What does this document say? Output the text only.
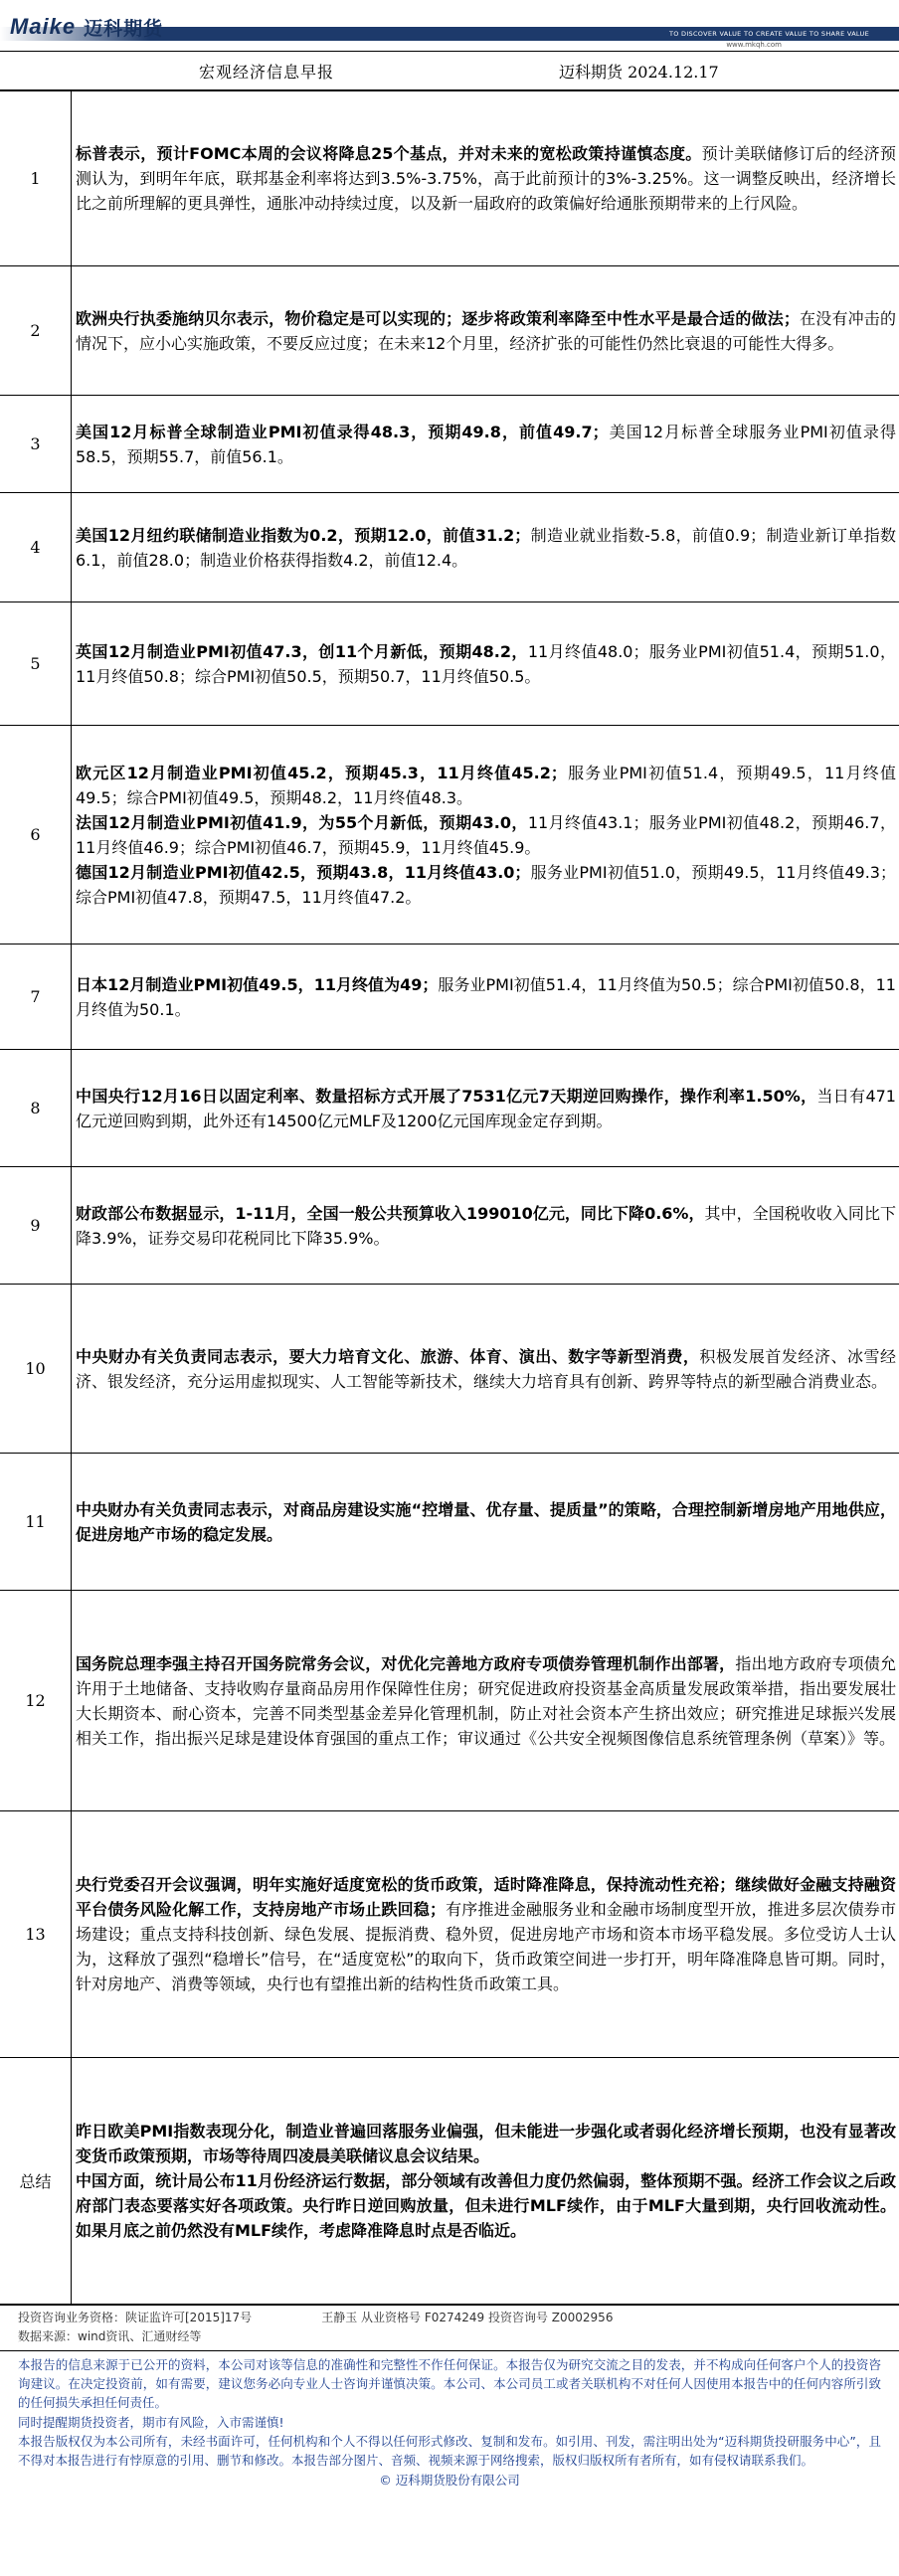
Maike 迈科期货	TO DISCOVER VALUE TO CREATE VALUE TO SHARE VALUE
www.mkqh.com
宏观经济信息早报	迈科期货 2024.12.17
1	标普表示，预计FOMC本周的会议将降息25个基点，并对未来的宽松政策持谨慎态度。预计美联储修订后的经济预测认为，到明年年底，联邦基金利率将达到3.5%-3.75%，高于此前预计的3%-3.25%。这一调整反映出，经济增长比之前所理解的更具弹性，通胀冲动持续过度，以及新一届政府的政策偏好给通胀预期带来的上行风险。
2	欧洲央行执委施纳贝尔表示，物价稳定是可以实现的；逐步将政策利率降至中性水平是最合适的做法；在没有冲击的情况下，应小心实施政策，不要反应过度；在未来12个月里，经济扩张的可能性仍然比衰退的可能性大得多。
3	美国12月标普全球制造业PMI初值录得48.3，预期49.8，前值49.7；美国12月标普全球服务业PMI初值录得58.5，预期55.7，前值56.1。
4	美国12月纽约联储制造业指数为0.2，预期12.0，前值31.2；制造业就业指数-5.8，前值0.9；制造业新订单指数6.1，前值28.0；制造业价格获得指数4.2，前值12.4。
5	英国12月制造业PMI初值47.3，创11个月新低，预期48.2，11月终值48.0；服务业PMI初值51.4，预期51.0，11月终值50.8；综合PMI初值50.5，预期50.7，11月终值50.5。
6	欧元区12月制造业PMI初值45.2，预期45.3，11月终值45.2；服务业PMI初值51.4，预期49.5，11月终值49.5；综合PMI初值49.5，预期48.2，11月终值48.3。
法国12月制造业PMI初值41.9，为55个月新低，预期43.0，11月终值43.1；服务业PMI初值48.2，预期46.7，11月终值46.9；综合PMI初值46.7，预期45.9，11月终值45.9。
德国12月制造业PMI初值42.5，预期43.8，11月终值43.0；服务业PMI初值51.0，预期49.5，11月终值49.3；综合PMI初值47.8，预期47.5，11月终值47.2。
7	日本12月制造业PMI初值49.5，11月终值为49；服务业PMI初值51.4，11月终值为50.5；综合PMI初值50.8，11月终值为50.1。
8	中国央行12月16日以固定利率、数量招标方式开展了7531亿元7天期逆回购操作，操作利率1.50%，当日有471亿元逆回购到期，此外还有14500亿元MLF及1200亿元国库现金定存到期。
9	财政部公布数据显示，1-11月，全国一般公共预算收入199010亿元，同比下降0.6%，其中，全国税收收入同比下降3.9%，证券交易印花税同比下降35.9%。
10	中央财办有关负责同志表示，要大力培育文化、旅游、体育、演出、数字等新型消费，积极发展首发经济、冰雪经济、银发经济，充分运用虚拟现实、人工智能等新技术，继续大力培育具有创新、跨界等特点的新型融合消费业态。
11	中央财办有关负责同志表示，对商品房建设实施“控增量、优存量、提质量”的策略，合理控制新增房地产用地供应，促进房地产市场的稳定发展。
12	国务院总理李强主持召开国务院常务会议，对优化完善地方政府专项债券管理机制作出部署，指出地方政府专项债允许用于土地储备、支持收购存量商品房用作保障性住房；研究促进政府投资基金高质量发展政策举措，指出要发展壮大长期资本、耐心资本，完善不同类型基金差异化管理机制，防止对社会资本产生挤出效应；研究推进足球振兴发展相关工作，指出振兴足球是建设体育强国的重点工作；审议通过《公共安全视频图像信息系统管理条例（草案）》等。
13	央行党委召开会议强调，明年实施好适度宽松的货币政策，适时降准降息，保持流动性充裕；继续做好金融支持融资平台债务风险化解工作，支持房地产市场止跌回稳；有序推进金融服务业和金融市场制度型开放，推进多层次债券市场建设；重点支持科技创新、绿色发展、提振消费、稳外贸，促进房地产市场和资本市场平稳发展。多位受访人士认为，这释放了强烈“稳增长”信号，在“适度宽松”的取向下，货币政策空间进一步打开，明年降准降息皆可期。同时，针对房地产、消费等领域，央行也有望推出新的结构性货币政策工具。
总结	昨日欧美PMI指数表现分化，制造业普遍回落服务业偏强，但未能进一步强化或者弱化经济增长预期，也没有显著改变货币政策预期，市场等待周四凌晨美联储议息会议结果。
中国方面，统计局公布11月份经济运行数据，部分领域有改善但力度仍然偏弱，整体预期不强。经济工作会议之后政府部门表态要落实好各项政策。央行昨日逆回购放量，但未进行MLF续作，由于MLF大量到期，央行回收流动性。如果月底之前仍然没有MLF续作，考虑降准降息时点是否临近。
投资咨询业务资格：陕证监许可[2015]17号	王静玉 从业资格号 F0274249 投资咨询号 Z0002956
数据来源：wind资讯、汇通财经等
本报告的信息来源于已公开的资料，本公司对该等信息的准确性和完整性不作任何保证。本报告仅为研究交流之目的发表，并不构成向任何客户个人的投资咨询建议。在决定投资前，如有需要，建议您务必向专业人士咨询并谨慎决策。本公司、本公司员工或者关联机构不对任何人因使用本报告中的任何内容所引致的任何损失承担任何责任。
同时提醒期货投资者，期市有风险，入市需谨慎!
本报告版权仅为本公司所有，未经书面许可，任何机构和个人不得以任何形式修改、复制和发布。如引用、刊发，需注明出处为“迈科期货投研服务中心”，且不得对本报告进行有悖原意的引用、删节和修改。本报告部分图片、音频、视频来源于网络搜索，版权归版权所有者所有，如有侵权请联系我们。
© 迈科期货股份有限公司
